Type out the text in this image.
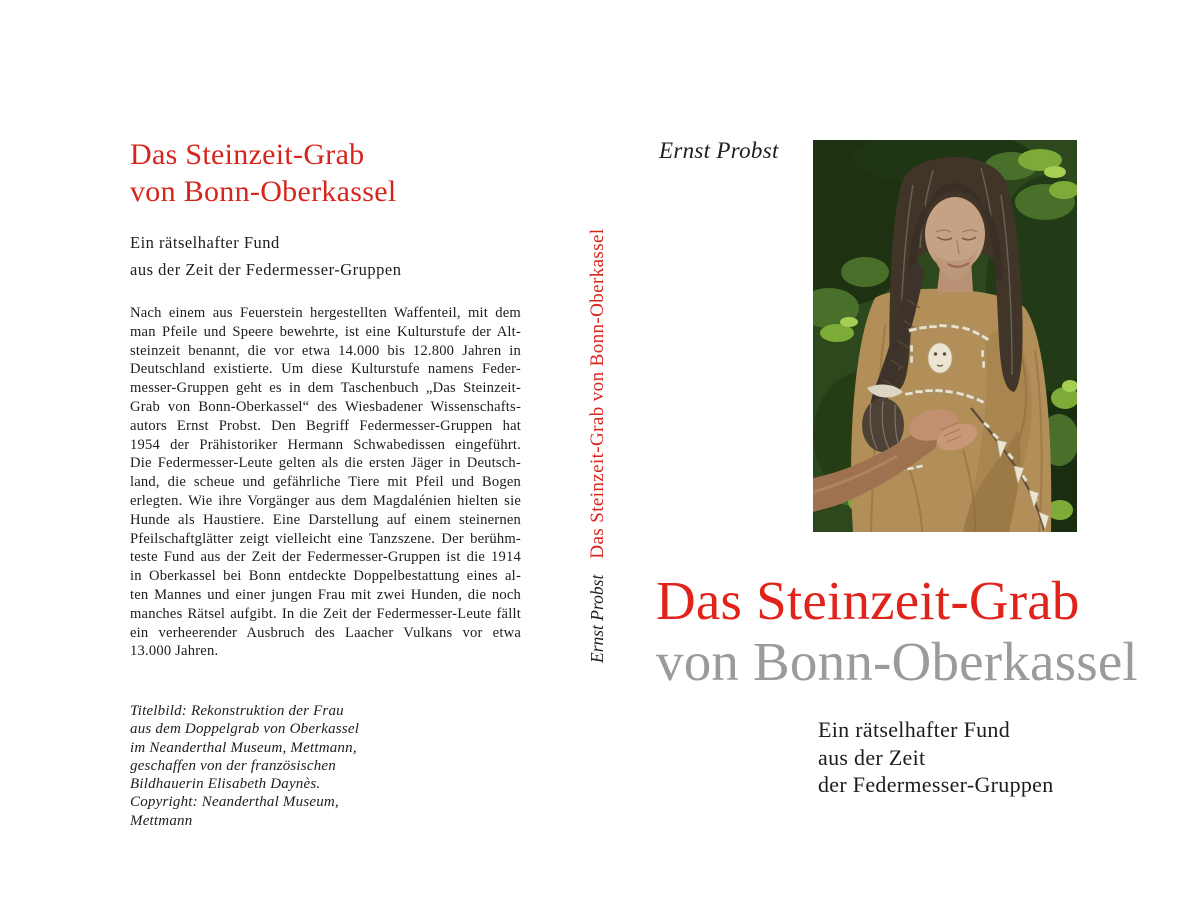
Das Steinzeit-Grab
von Bonn-Oberkassel
Ein rätselhafter Fund
aus der Zeit der Federmesser-Gruppen
Nach einem aus Feuerstein hergestellten Waffenteil, mit dem
man Pfeile und Speere bewehrte, ist eine Kulturstufe der Alt-
steinzeit benannt, die vor etwa 14.000 bis 12.800 Jahren in
Deutschland existierte. Um diese Kulturstufe namens Feder-
messer-Gruppen geht es in dem Taschenbuch „Das Steinzeit-
Grab von Bonn-Oberkassel“ des Wiesbadener Wissenschafts-
autors Ernst Probst. Den Begriff Federmesser-Gruppen hat
1954 der Prähistoriker Hermann Schwabedissen eingeführt.
Die Federmesser-Leute gelten als die ersten Jäger in Deutsch-
land, die scheue und gefährliche Tiere mit Pfeil und Bogen
erlegten. Wie ihre Vorgänger aus dem Magdalénien hielten sie
Hunde als Haustiere. Eine Darstellung auf einem steinernen
Pfeilschaftglätter zeigt vielleicht eine Tanzszene. Der berühm-
teste Fund aus der Zeit der Federmesser-Gruppen ist die 1914
in Oberkassel bei Bonn entdeckte Doppelbestattung eines al-
ten Mannes und einer jungen Frau mit zwei Hunden, die noch
manches Rätsel aufgibt. In die Zeit der Federmesser-Leute fällt
ein verheerender Ausbruch des Laacher Vulkans vor etwa
13.000 Jahren.
Titelbild: Rekonstruktion der Frau
aus dem Doppelgrab von Oberkassel
im Neanderthal Museum, Mettmann,
geschaffen von der französischen
Bildhauerin Elisabeth Daynès.
Copyright: Neanderthal Museum,
Mettmann
Ernst ProbstDas Steinzeit-Grab von Bonn-Oberkassel
Ernst Probst
Das Steinzeit-Grab
von Bonn-Oberkassel
Ein rätselhafter Fund
aus der Zeit
der Federmesser-Gruppen
